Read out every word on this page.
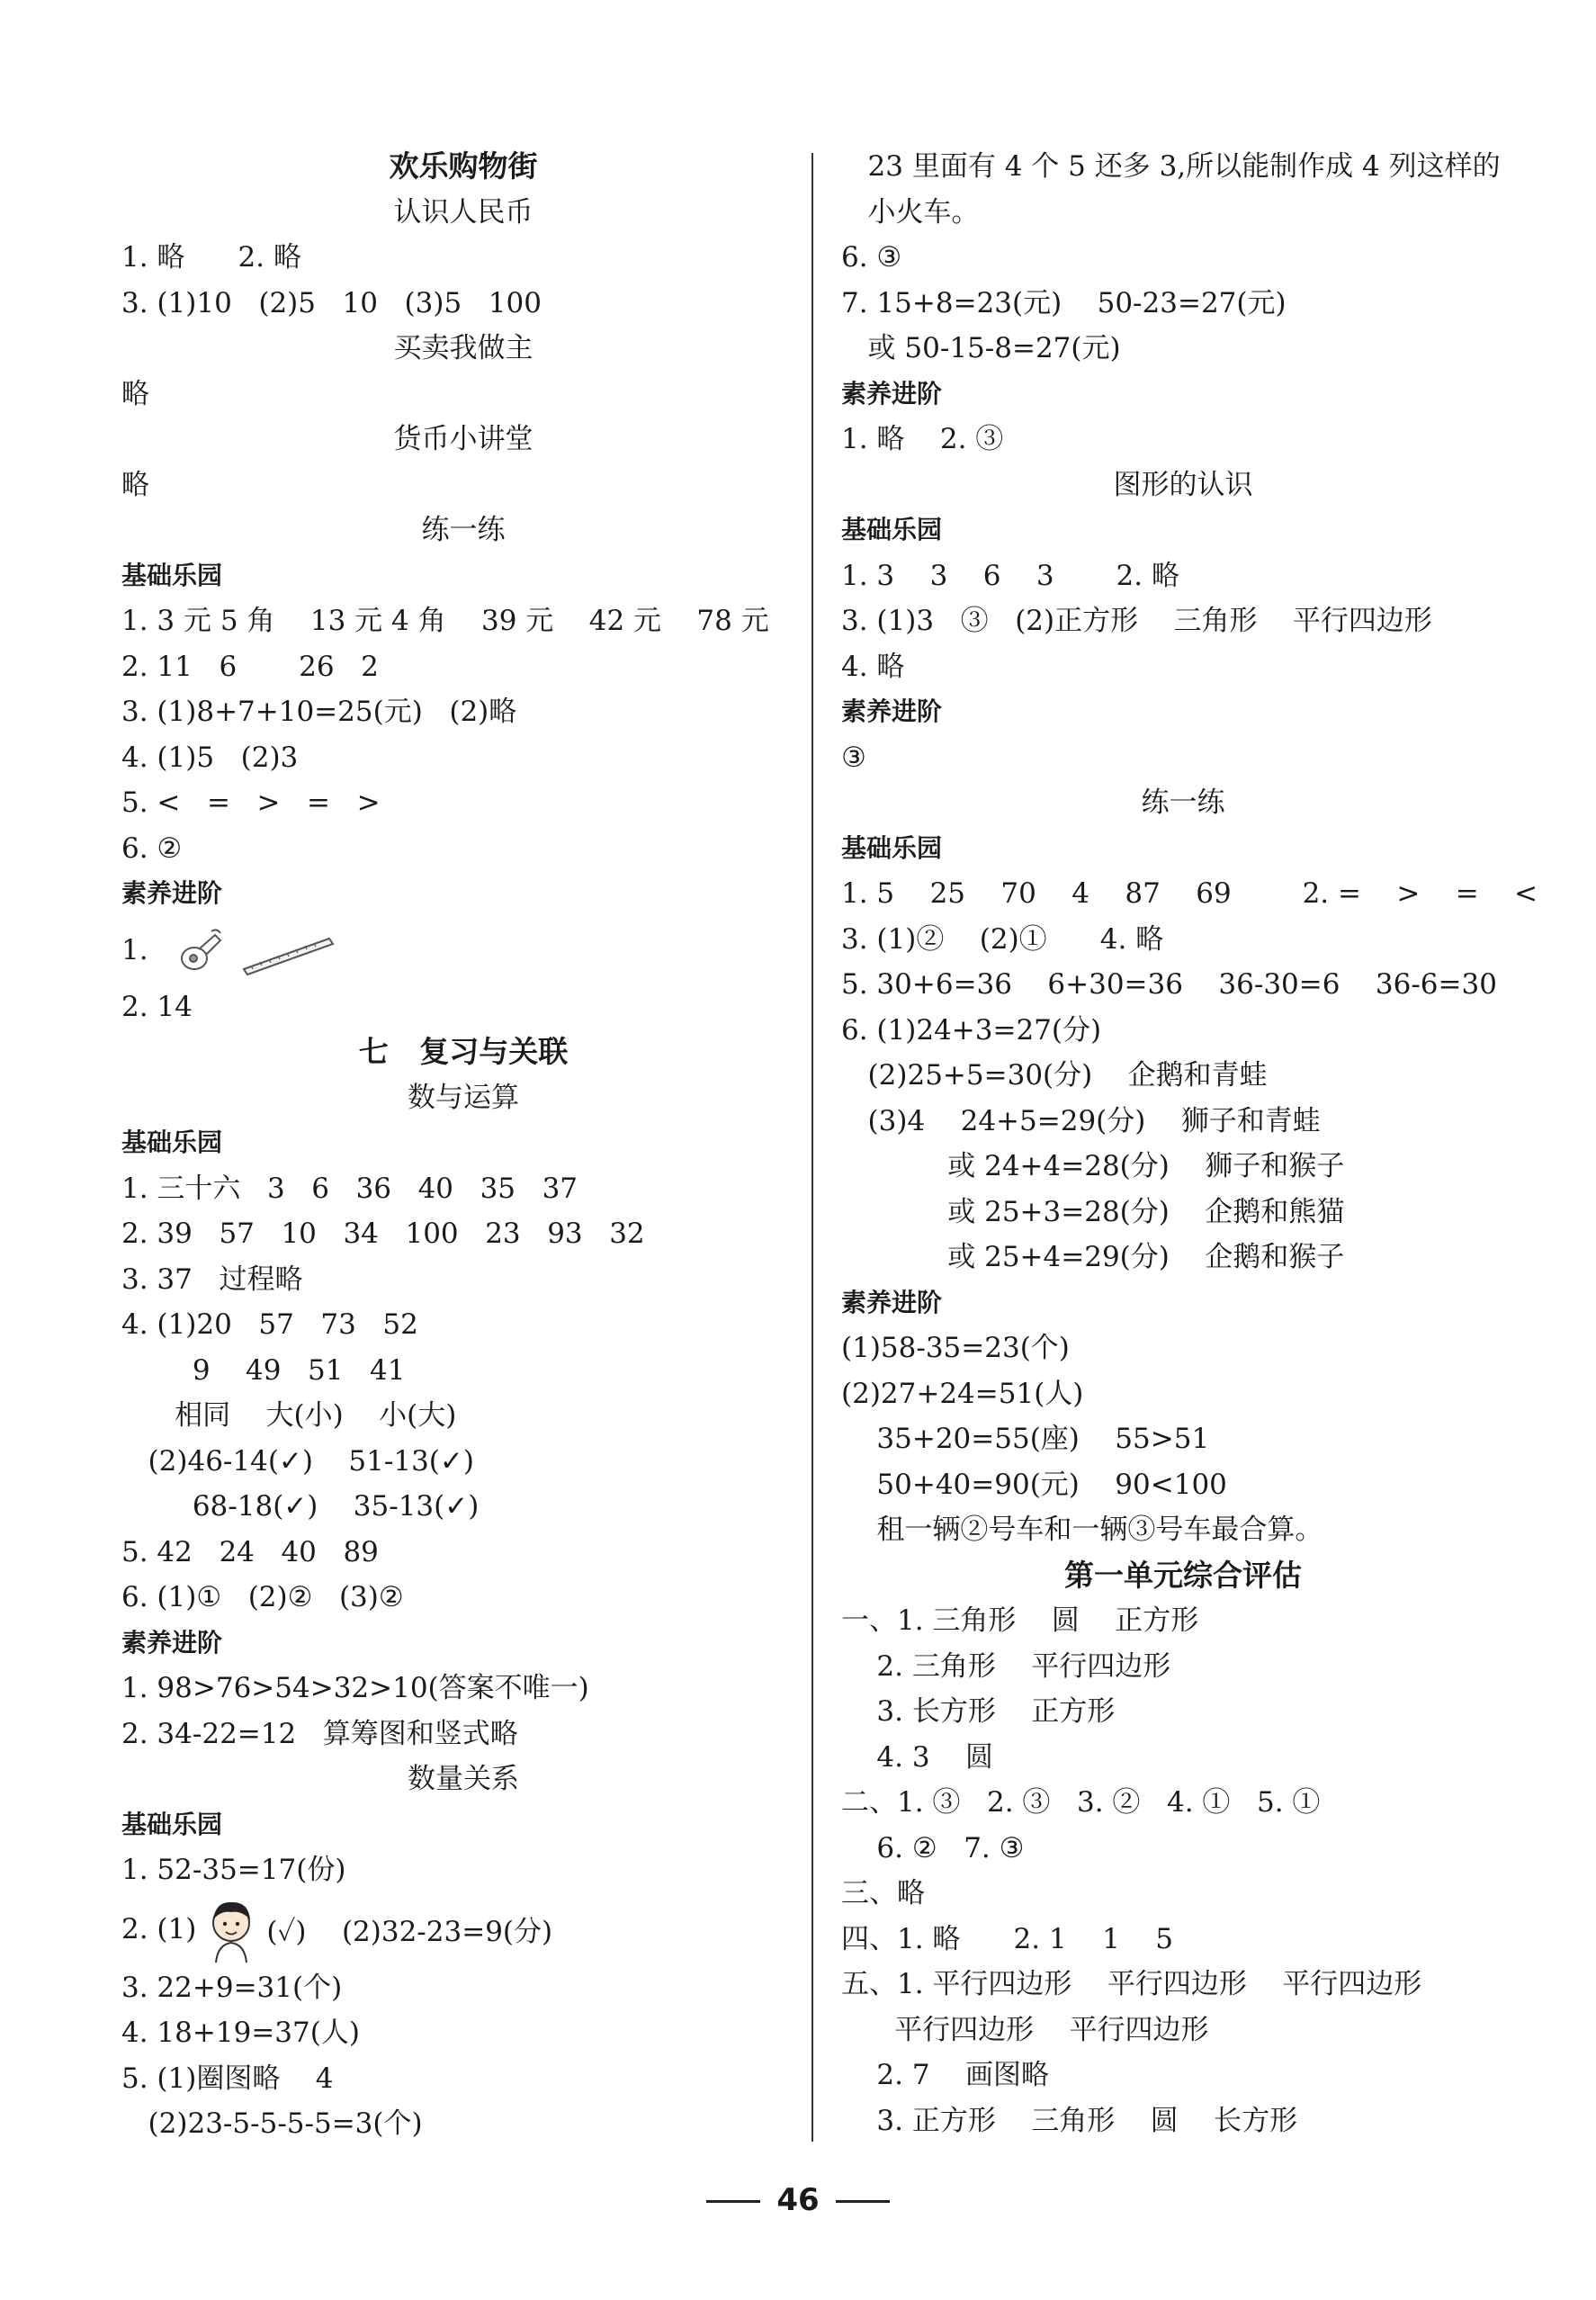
欢乐购物街
认识人民币
1. 略      2. 略
3. (1)10   (2)5   10   (3)5   100
买卖我做主
略
货币小讲堂
略
练一练
基础乐园
1. 3 元 5 角    13 元 4 角    39 元    42 元    78 元
2. 11   6       26   2
3. (1)8+7+10=25(元)   (2)略
4. (1)5   (2)3
5. <   =   >   =   >
6. ②
素养进阶
1.
2. 14
七   复习与关联
数与运算
基础乐园
1. 三十六   3   6   36   40   35   37
2. 39   57   10   34   100   23   93   32
3. 37   过程略
4. (1)20   57   73   52
9    49   51   41
相同    大(小)    小(大)
(2)46-14(✓)    51-13(✓)
68-18(✓)    35-13(✓)
5. 42   24   40   89
6. (1)①   (2)②   (3)②
素养进阶
1. 98>76>54>32>10(答案不唯一)
2. 34-22=12   算筹图和竖式略
数量关系
基础乐园
1. 52-35=17(份)
2. (1)	(✓)    (2)32-23=9(分)
3. 22+9=31(个)
4. 18+19=37(人)
5. (1)圈图略    4
(2)23-5-5-5-5=3(个)
23 里面有 4 个 5 还多 3,所以能制作成 4 列这样的
小火车。
6. ③
7. 15+8=23(元)    50-23=27(元)
或 50-15-8=27(元)
素养进阶
1. 略    2. ③
图形的认识
基础乐园
1. 3    3    6    3       2. 略
3. (1)3   ③   (2)正方形    三角形    平行四边形
4. 略
素养进阶
③
练一练
基础乐园
1. 5    25    70    4    87    69        2. =    >    =    <
3. (1)②    (2)①      4. 略
5. 30+6=36    6+30=36    36-30=6    36-6=30
6. (1)24+3=27(分)
(2)25+5=30(分)    企鹅和青蛙
(3)4    24+5=29(分)    狮子和青蛙
或 24+4=28(分)    狮子和猴子
或 25+3=28(分)    企鹅和熊猫
或 25+4=29(分)    企鹅和猴子
素养进阶
(1)58-35=23(个)
(2)27+24=51(人)
35+20=55(座)    55>51
50+40=90(元)    90<100
租一辆②号车和一辆③号车最合算。
第一单元综合评估
一、1. 三角形    圆    正方形
2. 三角形    平行四边形
3. 长方形    正方形
4. 3    圆
二、1. ③   2. ③   3. ②   4. ①   5. ①
6. ②   7. ③
三、略
四、1. 略      2. 1    1    5
五、1. 平行四边形    平行四边形    平行四边形
平行四边形    平行四边形
2. 7    画图略
3. 正方形    三角形    圆    长方形
46
